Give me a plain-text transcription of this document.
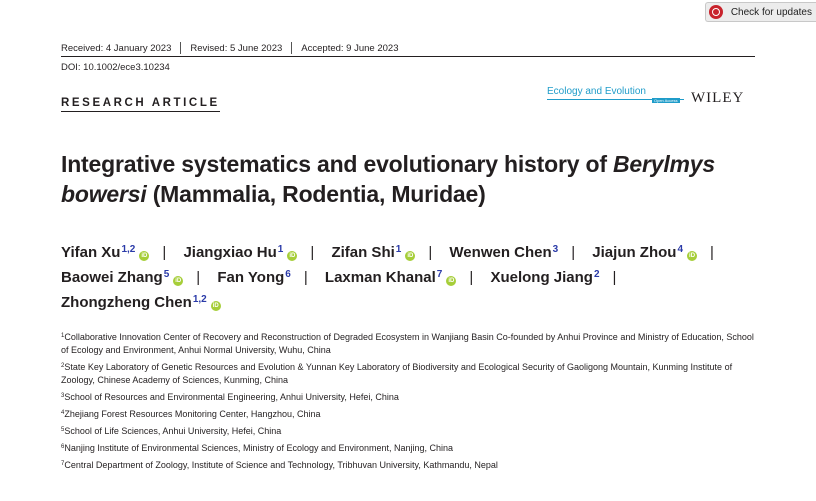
Check for updates
Received: 4 January 2023 Revised: 5 June 2023 Accepted: 9 June 2023
DOI: 10.1002/ece3.10234
RESEARCH ARTICLE
Ecology and Evolution
Open Access WILEY
Integrative systematics and evolutionary history of Berylmys bowersi (Mammalia, Rodentia, Muridae)

Yifan Xu$^{1,2}$iD | Jiangxiao Hu$^1$iD | Zifan Shi$^1$iD | Wenwen Chen$^3$ | Jiajun Zhou$^4$iD | Baowei Zhang$^5$iD | Fan Yong$^6$ | Laxman Khanal$^7$iD | Xuelong Jiang$^2$ | Zhongzheng Chen$^{1,2}$iD

$^1$Collaborative Innovation Center of Recovery and Reconstruction of Degraded Ecosystem in Wanjiang Basin Co-founded by Anhui Province and Ministry of Education, School of Ecology and Environment, Anhui Normal University, Wuhu, China
$^2$State Key Laboratory of Genetic Resources and Evolution & Yunnan Key Laboratory of Biodiversity and Ecological Security of Gaoligong Mountain, Kunming Institute of Zoology, Chinese Academy of Sciences, Kunming, China
$^3$School of Resources and Environmental Engineering, Anhui University, Hefei, China
$^4$Zhejiang Forest Resources Monitoring Center, Hangzhou, China
$^5$School of Life Sciences, Anhui University, Hefei, China
$^6$Nanjing Institute of Environmental Sciences, Ministry of Ecology and Environment, Nanjing, China
$^7$Central Department of Zoology, Institute of Science and Technology, Tribhuvan University, Kathmandu, Nepal
